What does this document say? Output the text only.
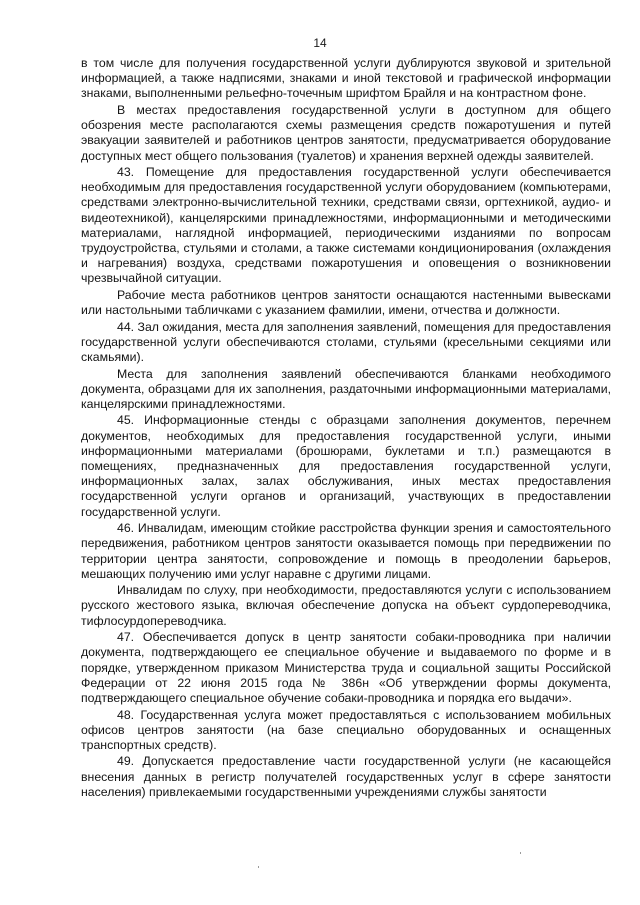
14

в том числе для получения государственной услуги дублируются звуковой и зрительной информацией, а также надписями, знаками и иной текстовой и графической информации знаками, выполненными рельефно-точечным шрифтом Брайля и на контрастном фоне.

В местах предоставления государственной услуги в доступном для общего обозрения месте располагаются схемы размещения средств пожаротушения и путей эвакуации заявителей и работников центров занятости, предусматривается оборудование доступных мест общего пользования (туалетов) и хранения верхней одежды заявителей.

43. Помещение для предоставления государственной услуги обеспечивается необходимым для предоставления государственной услуги оборудованием (компьютерами, средствами электронно-вычислительной техники, средствами связи, оргтехникой, аудио- и видеотехникой), канцелярскими принадлежностями, информационными и методическими материалами, наглядной информацией, периодическими изданиями по вопросам трудоустройства, стульями и столами, а также системами кондиционирования (охлаждения и нагревания) воздуха, средствами пожаротушения и оповещения о возникновении чрезвычайной ситуации.

Рабочие места работников центров занятости оснащаются настенными вывесками или настольными табличками с указанием фамилии, имени, отчества и должности.

44. Зал ожидания, места для заполнения заявлений, помещения для предоставления государственной услуги обеспечиваются столами, стульями (кресельными секциями или скамьями).

Места для заполнения заявлений обеспечиваются бланками необходимого документа, образцами для их заполнения, раздаточными информационными материалами, канцелярскими принадлежностями.

45. Информационные стенды с образцами заполнения документов, перечнем документов, необходимых для предоставления государственной услуги, иными информационными материалами (брошюрами, буклетами и т.п.) размещаются в помещениях, предназначенных для предоставления государственной услуги, информационных залах, залах обслуживания, иных местах предоставления государственной услуги органов и организаций, участвующих в предоставлении государственной услуги.

46. Инвалидам, имеющим стойкие расстройства функции зрения и самостоятельного передвижения, работником центров занятости оказывается помощь при передвижении по территории центра занятости, сопровождение и помощь в преодолении барьеров, мешающих получению ими услуг наравне с другими лицами.

Инвалидам по слуху, при необходимости, предоставляются услуги с использованием русского жестового языка, включая обеспечение допуска на объект сурдопереводчика, тифлосурдопереводчика.

47. Обеспечивается допуск в центр занятости собаки-проводника при наличии документа, подтверждающего ее специальное обучение и выдаваемого по форме и в порядке, утвержденном приказом Министерства труда и социальной защиты Российской Федерации от 22 июня 2015 года № 386н «Об утверждении формы документа, подтверждающего специальное обучение собаки-проводника и порядка его выдачи».

48. Государственная услуга может предоставляться с использованием мобильных офисов центров занятости (на базе специально оборудованных и оснащенных транспортных средств).

49. Допускается предоставление части государственной услуги (не касающейся внесения данных в регистр получателей государственных услуг в сфере занятости населения) привлекаемыми государственными учреждениями службы занятости
